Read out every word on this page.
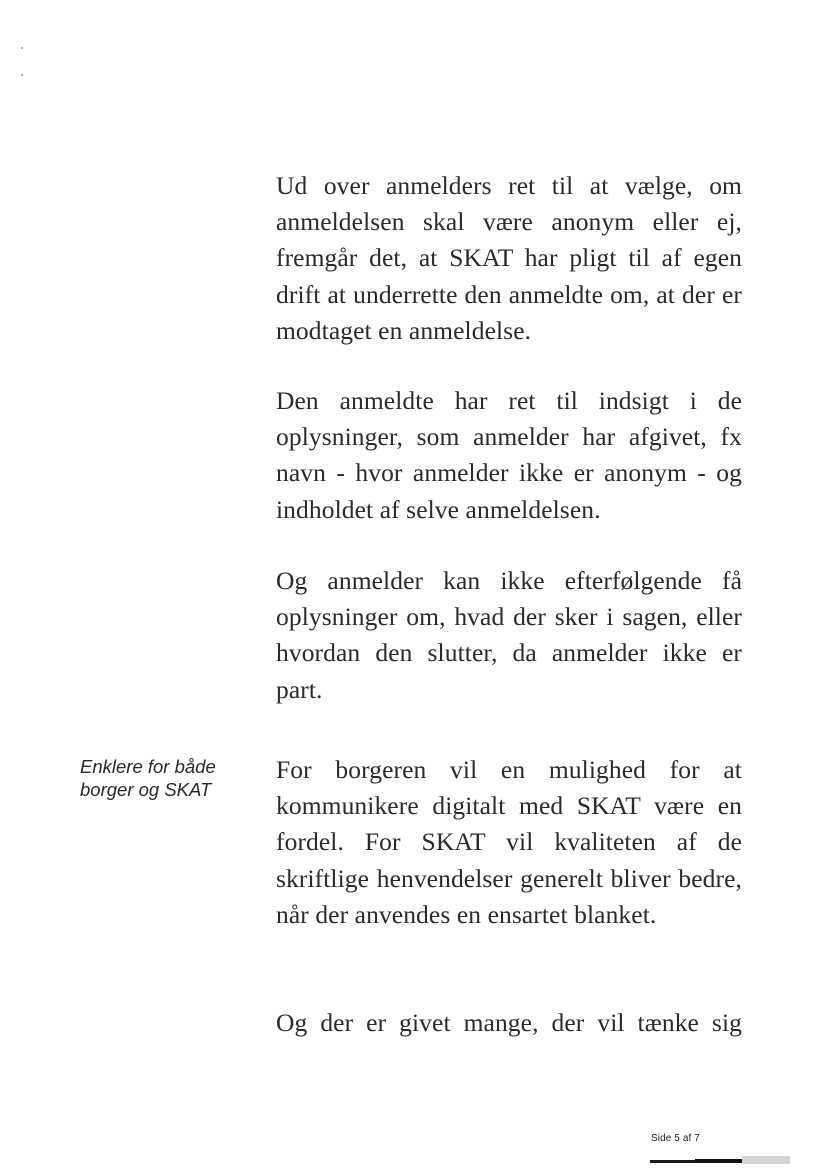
Ud over anmelders ret til at vælge, om anmeldelsen skal være anonym eller ej, fremgår det, at SKAT har pligt til af egen drift at underrette den anmeldte om, at der er modtaget en anmeldelse.

Den anmeldte har ret til indsigt i de oplysninger, som anmelder har afgivet, fx navn - hvor anmelder ikke er anonym - og indholdet af selve anmeldelsen.

Og anmelder kan ikke efterfølgende få oplysninger om, hvad der sker i sagen, eller hvordan den slutter, da anmelder ikke er part.

Enklere for både
borger og SKAT

For borgeren vil en mulighed for at kommunikere digitalt med SKAT være en fordel. For SKAT vil kvaliteten af de skriftlige henvendelser generelt bliver bedre, når der anvendes en ensartet blanket.

Og der er givet mange, der vil tænke sig

Side 5 af 7
